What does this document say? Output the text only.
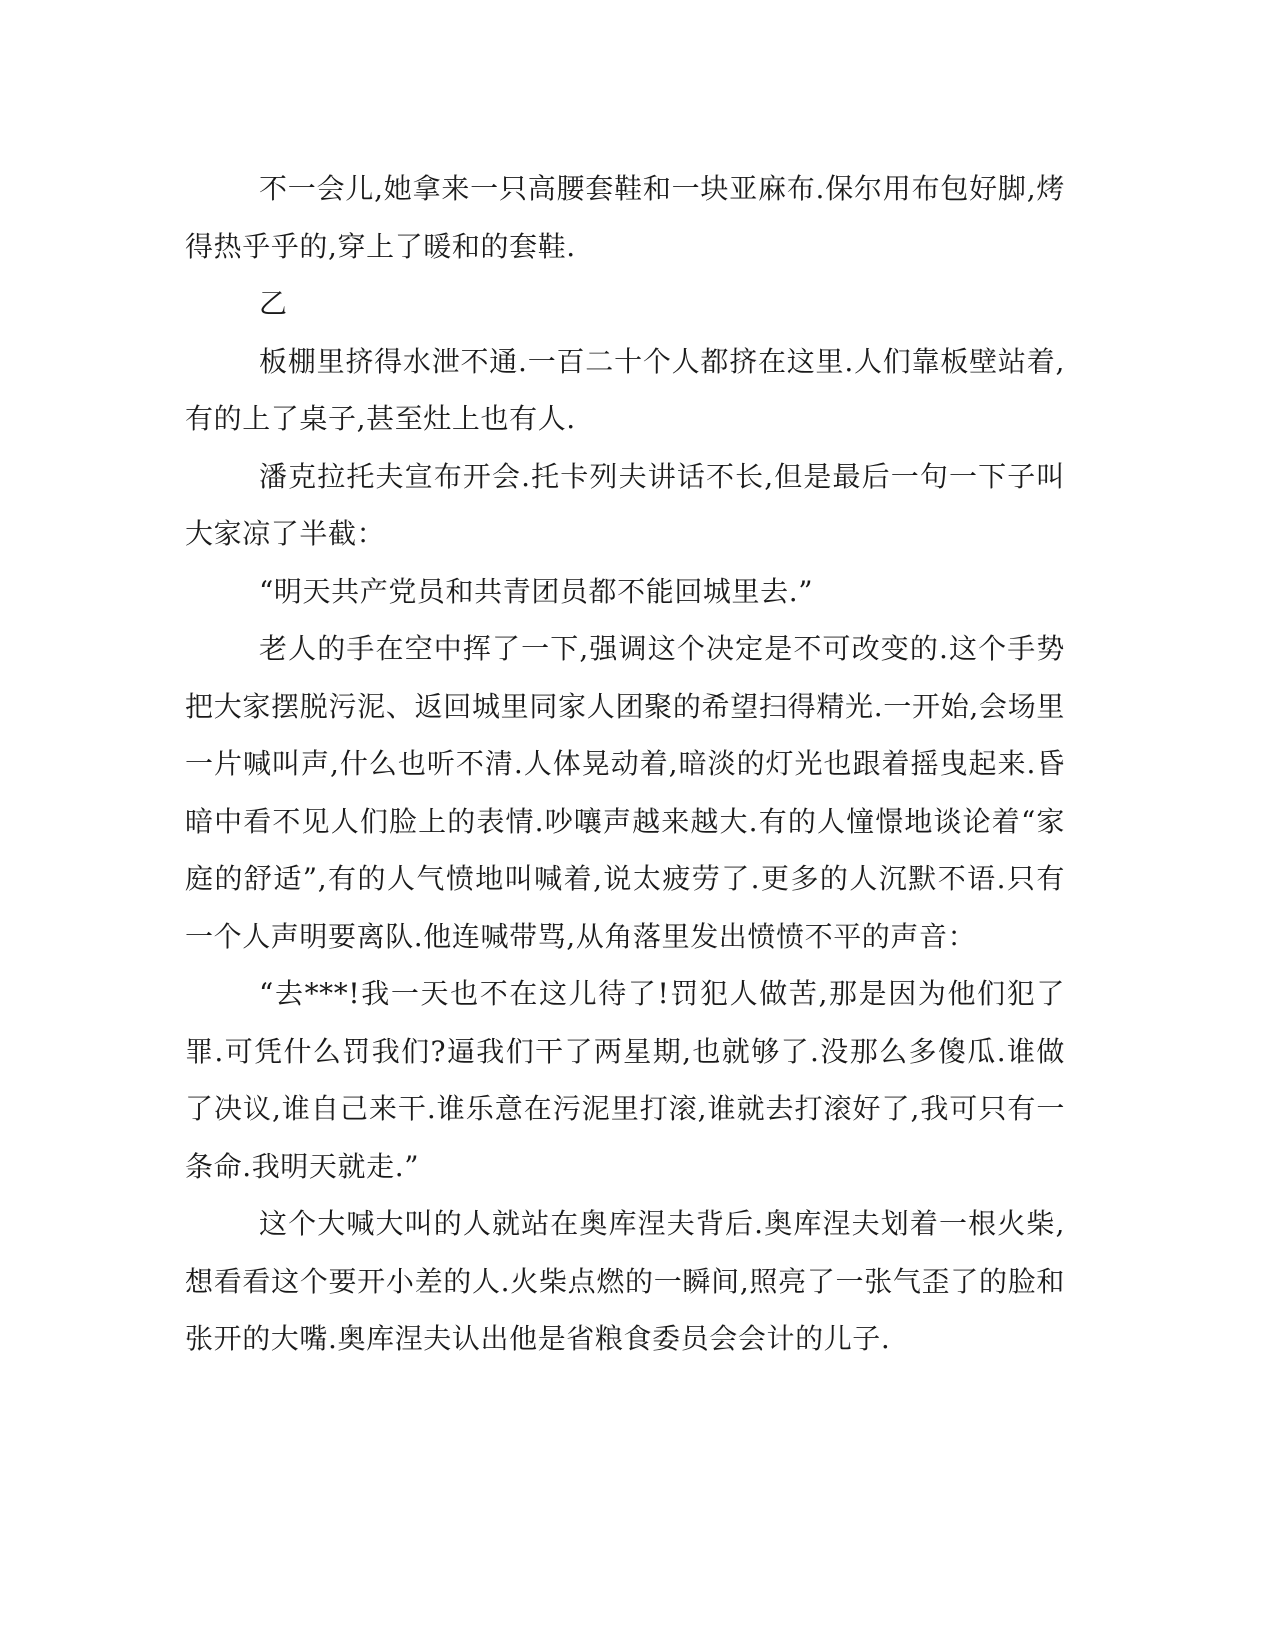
不一会儿,她拿来一只高腰套鞋和一块亚麻布.保尔用布包好脚,烤得热乎乎的,穿上了暖和的套鞋.

乙

板棚里挤得水泄不通.一百二十个人都挤在这里.人们靠板壁站着,有的上了桌子,甚至灶上也有人.

潘克拉托夫宣布开会.托卡列夫讲话不长,但是最后一句一下子叫大家凉了半截：

“明天共产党员和共青团员都不能回城里去.”

老人的手在空中挥了一下,强调这个决定是不可改变的.这个手势把大家摆脱污泥、返回城里同家人团聚的希望扫得精光.一开始,会场里一片喊叫声,什么也听不清.人体晃动着,暗淡的灯光也跟着摇曳起来.昏暗中看不见人们脸上的表情.吵嚷声越来越大.有的人憧憬地谈论着“家庭的舒适”,有的人气愤地叫喊着,说太疲劳了.更多的人沉默不语.只有一个人声明要离队.他连喊带骂,从角落里发出愤愤不平的声音：

“去***!我一天也不在这儿待了!罚犯人做苦,那是因为他们犯了罪.可凭什么罚我们?逼我们干了两星期,也就够了.没那么多傻瓜.谁做了决议,谁自己来干.谁乐意在污泥里打滚,谁就去打滚好了,我可只有一条命.我明天就走.”

这个大喊大叫的人就站在奥库涅夫背后.奥库涅夫划着一根火柴,想看看这个要开小差的人.火柴点燃的一瞬间,照亮了一张气歪了的脸和张开的大嘴.奥库涅夫认出他是省粮食委员会会计的儿子.
